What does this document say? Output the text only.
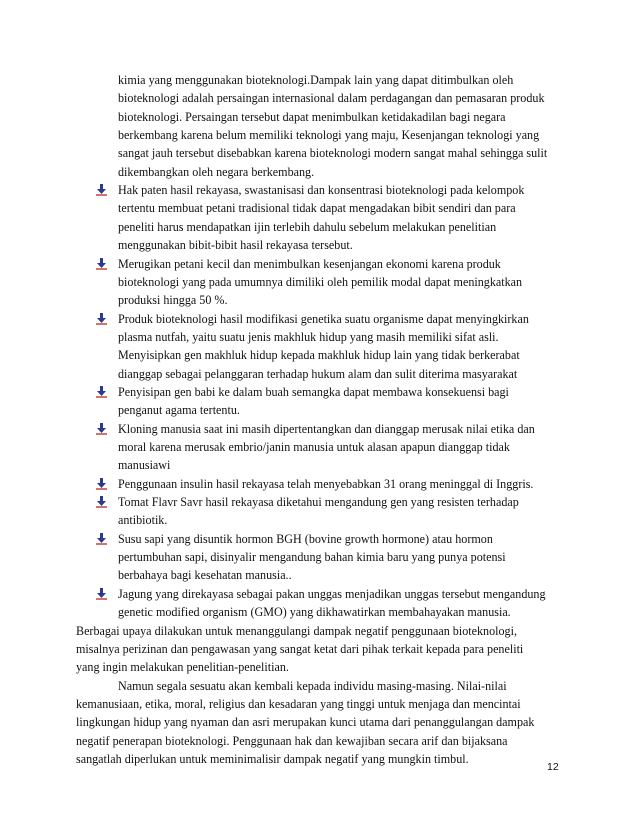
kimia yang menggunakan bioteknologi.Dampak lain yang dapat ditimbulkan oleh
bioteknologi adalah persaingan internasional dalam perdagangan dan pemasaran produk
bioteknologi. Persaingan tersebut dapat menimbulkan ketidakadilan bagi negara
berkembang karena belum memiliki teknologi yang maju, Kesenjangan teknologi yang
sangat jauh tersebut disebabkan karena bioteknologi modern sangat mahal sehingga sulit
dikembangkan oleh negara berkembang.
Hak paten hasil rekayasa, swastanisasi dan konsentrasi bioteknologi pada kelompok
tertentu membuat petani tradisional tidak dapat mengadakan bibit sendiri dan para
peneliti harus mendapatkan ijin terlebih dahulu sebelum melakukan penelitian
menggunakan bibit-bibit hasil rekayasa tersebut.
Merugikan petani kecil dan menimbulkan kesenjangan ekonomi karena produk
bioteknologi yang pada umumnya dimiliki oleh pemilik modal dapat meningkatkan
produksi hingga 50 %.
Produk bioteknologi hasil modifikasi genetika suatu organisme dapat menyingkirkan
plasma nutfah, yaitu suatu jenis makhluk hidup yang masih memiliki sifat asli.
Menyisipkan gen makhluk hidup kepada makhluk hidup lain yang tidak berkerabat
dianggap sebagai pelanggaran terhadap hukum alam dan sulit diterima masyarakat
Penyisipan gen babi ke dalam buah semangka dapat membawa konsekuensi bagi
penganut agama tertentu.
Kloning manusia saat ini masih dipertentangkan dan dianggap merusak nilai etika dan
moral karena merusak embrio/janin manusia untuk alasan apapun dianggap tidak
manusiawi
Penggunaan insulin hasil rekayasa telah menyebabkan 31 orang meninggal di Inggris.
Tomat Flavr Savr hasil rekayasa diketahui mengandung gen yang resisten terhadap
antibiotik.
Susu sapi yang disuntik hormon BGH (bovine growth hormone) atau hormon
pertumbuhan sapi, disinyalir mengandung bahan kimia baru yang punya potensi
berbahaya bagi kesehatan manusia..
Jagung yang direkayasa sebagai pakan unggas menjadikan unggas tersebut mengandung
genetic modified organism (GMO) yang dikhawatirkan membahayakan manusia.
Berbagai upaya dilakukan untuk menanggulangi dampak negatif penggunaan bioteknologi,
misalnya perizinan dan pengawasan yang sangat ketat dari pihak terkait kepada para peneliti
yang ingin melakukan penelitian-penelitian.
Namun segala sesuatu akan kembali kepada individu masing-masing. Nilai-nilai
kemanusiaan, etika, moral, religius dan kesadaran yang tinggi untuk menjaga dan mencintai
lingkungan hidup yang nyaman dan asri merupakan kunci utama dari penanggulangan dampak
negatif penerapan bioteknologi. Penggunaan hak dan kewajiban secara arif dan bijaksana
sangatlah diperlukan untuk meminimalisir dampak negatif yang mungkin timbul.
12
